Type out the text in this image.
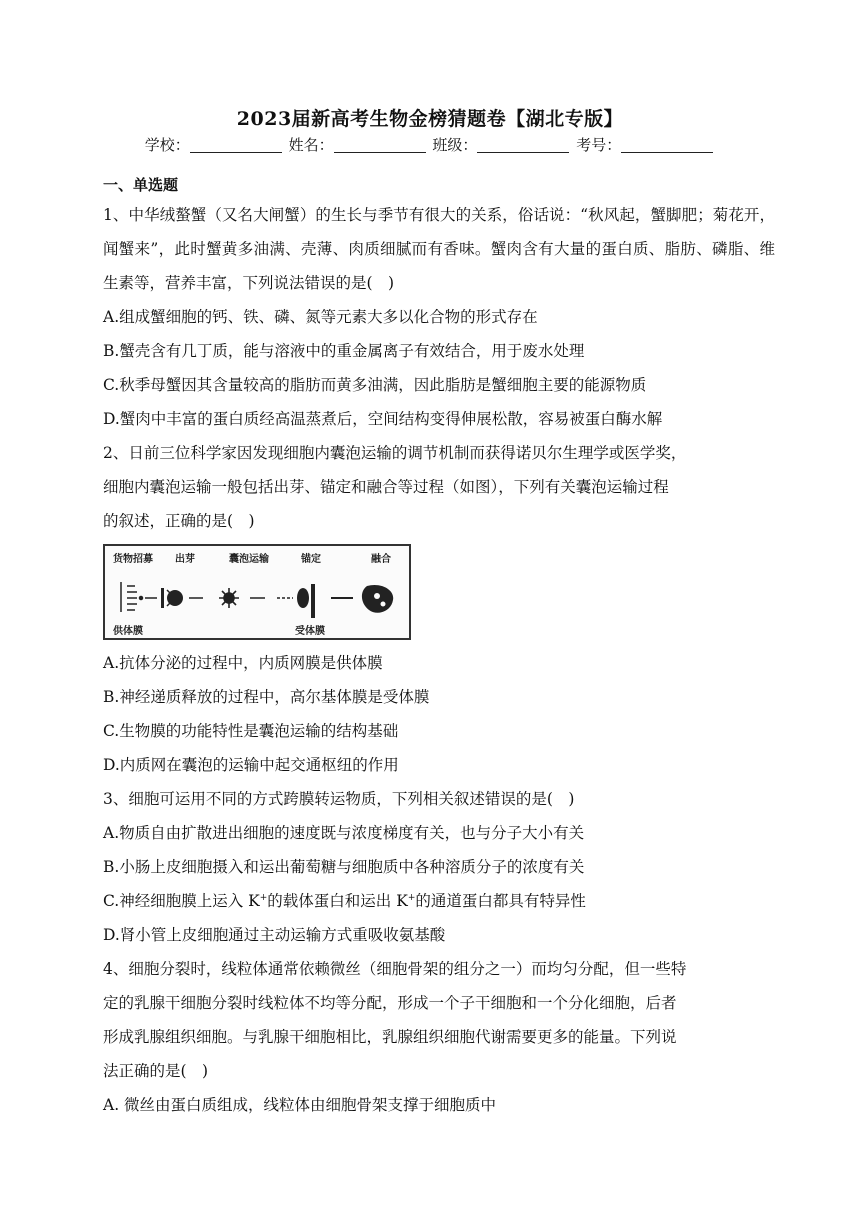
2023届新高考生物金榜猜题卷【湖北专版】
学校：	姓名：	班级：	考号：
一、单选题

1、中华绒螯蟹（又名大闸蟹）的生长与季节有很大的关系，俗话说：“秋风起，蟹脚肥；菊花开，闻蟹来”，此时蟹黄多油满、壳薄、肉质细腻而有香味。蟹肉含有大量的蛋白质、脂肪、磷脂、维生素等，营养丰富，下列说法错误的是(　)

A.组成蟹细胞的钙、铁、磷、氮等元素大多以化合物的形式存在

B.蟹壳含有几丁质，能与溶液中的重金属离子有效结合，用于废水处理

C.秋季母蟹因其含量较高的脂肪而黄多油满，因此脂肪是蟹细胞主要的能源物质

D.蟹肉中丰富的蛋白质经高温蒸煮后，空间结构变得伸展松散，容易被蛋白酶水解

2、日前三位科学家因发现细胞内囊泡运输的调节机制而获得诺贝尔生理学或医学奖，

细胞内囊泡运输一般包括出芽、锚定和融合等过程（如图），下列有关囊泡运输过程

的叙述，正确的是(　)

货物招募 出芽	囊泡运输	锚定	融合
供体膜	受体膜

A.抗体分泌的过程中，内质网膜是供体膜

B.神经递质释放的过程中，高尔基体膜是受体膜

C.生物膜的功能特性是囊泡运输的结构基础

D.内质网在囊泡的运输中起交通枢纽的作用

3、细胞可运用不同的方式跨膜转运物质，下列相关叙述错误的是(　)

A.物质自由扩散进出细胞的速度既与浓度梯度有关，也与分子大小有关

B.小肠上皮细胞摄入和运出葡萄糖与细胞质中各种溶质分子的浓度有关

C.神经细胞膜上运入 K+的载体蛋白和运出 K+的通道蛋白都具有特异性

D.肾小管上皮细胞通过主动运输方式重吸收氨基酸

4、细胞分裂时，线粒体通常依赖微丝（细胞骨架的组分之一）而均匀分配，但一些特

定的乳腺干细胞分裂时线粒体不均等分配，形成一个子干细胞和一个分化细胞，后者

形成乳腺组织细胞。与乳腺干细胞相比，乳腺组织细胞代谢需要更多的能量。下列说

法正确的是(　)

A. 微丝由蛋白质组成，线粒体由细胞骨架支撑于细胞质中
